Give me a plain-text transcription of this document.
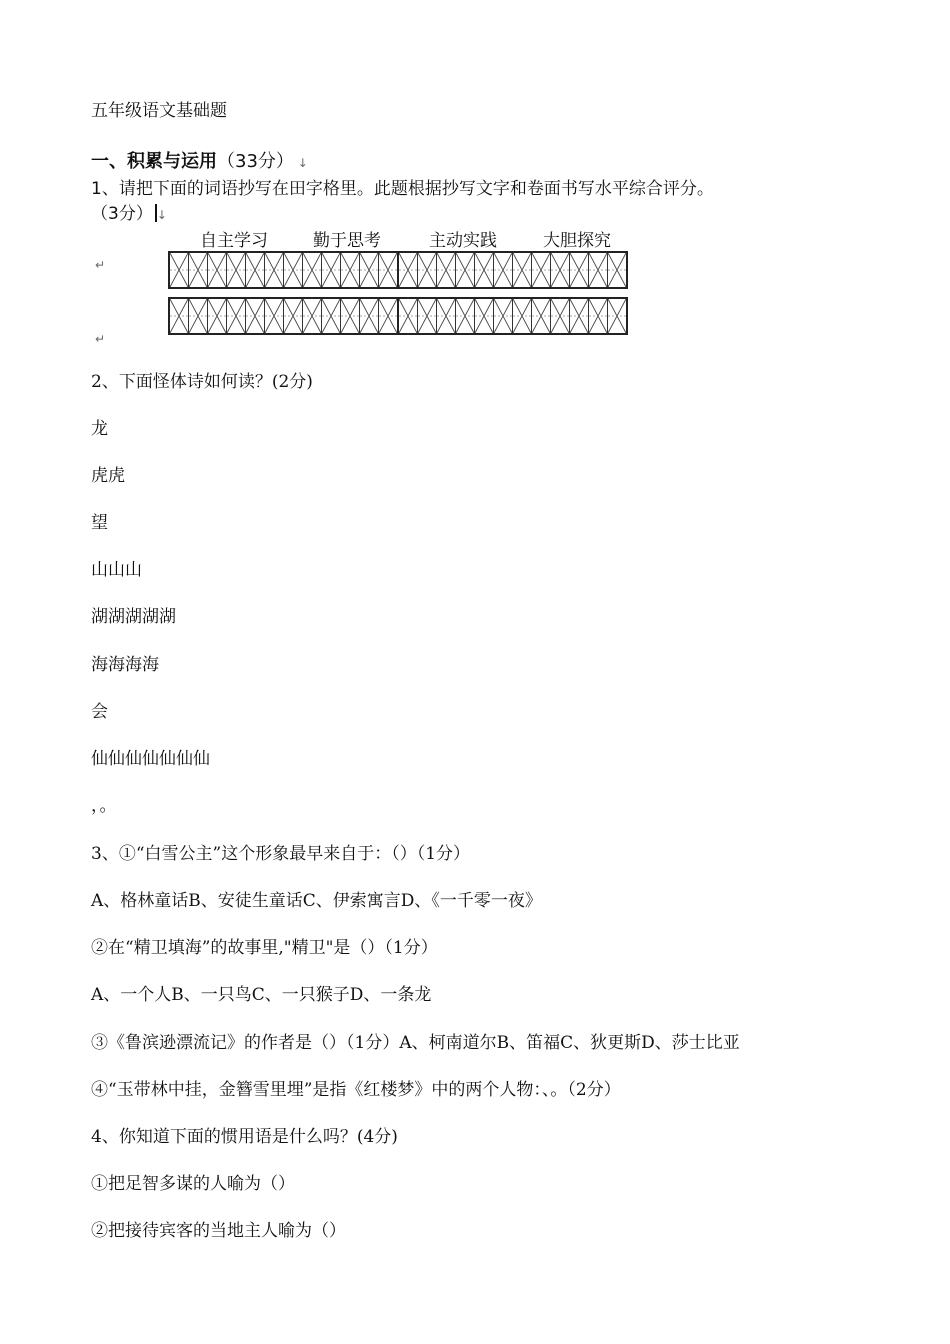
五年级语文基础题
一、积累与运用（33分） ↓
1、请把下面的词语抄写在田字格里。此题根据抄写文字和卷面书写水平综合评分。
（3分） ↓
自主学习	勤于思考	主动实践	大胆探究
↵
↵
2、下面怪体诗如何读？(2分)
龙
虎虎
望
山山山
湖湖湖湖湖
海海海海
会
仙仙仙仙仙仙仙
，。
3、①“白雪公主”这个形象最早来自于：（）（1分）
A、格林童话B、安徒生童话C、伊索寓言D、《一千零一夜》
②在“精卫填海”的故事里,"精卫"是（）（1分）
A、一个人B、一只鸟C、一只猴子D、一条龙
③《鲁滨逊漂流记》的作者是（）（1分）A、柯南道尔B、笛福C、狄更斯D、莎士比亚
④“玉带林中挂，金簪雪里埋”是指《红楼梦》中的两个人物：、。（2分）
4、你知道下面的惯用语是什么吗？(4分)
①把足智多谋的人喻为（）
②把接待宾客的当地主人喻为（）
